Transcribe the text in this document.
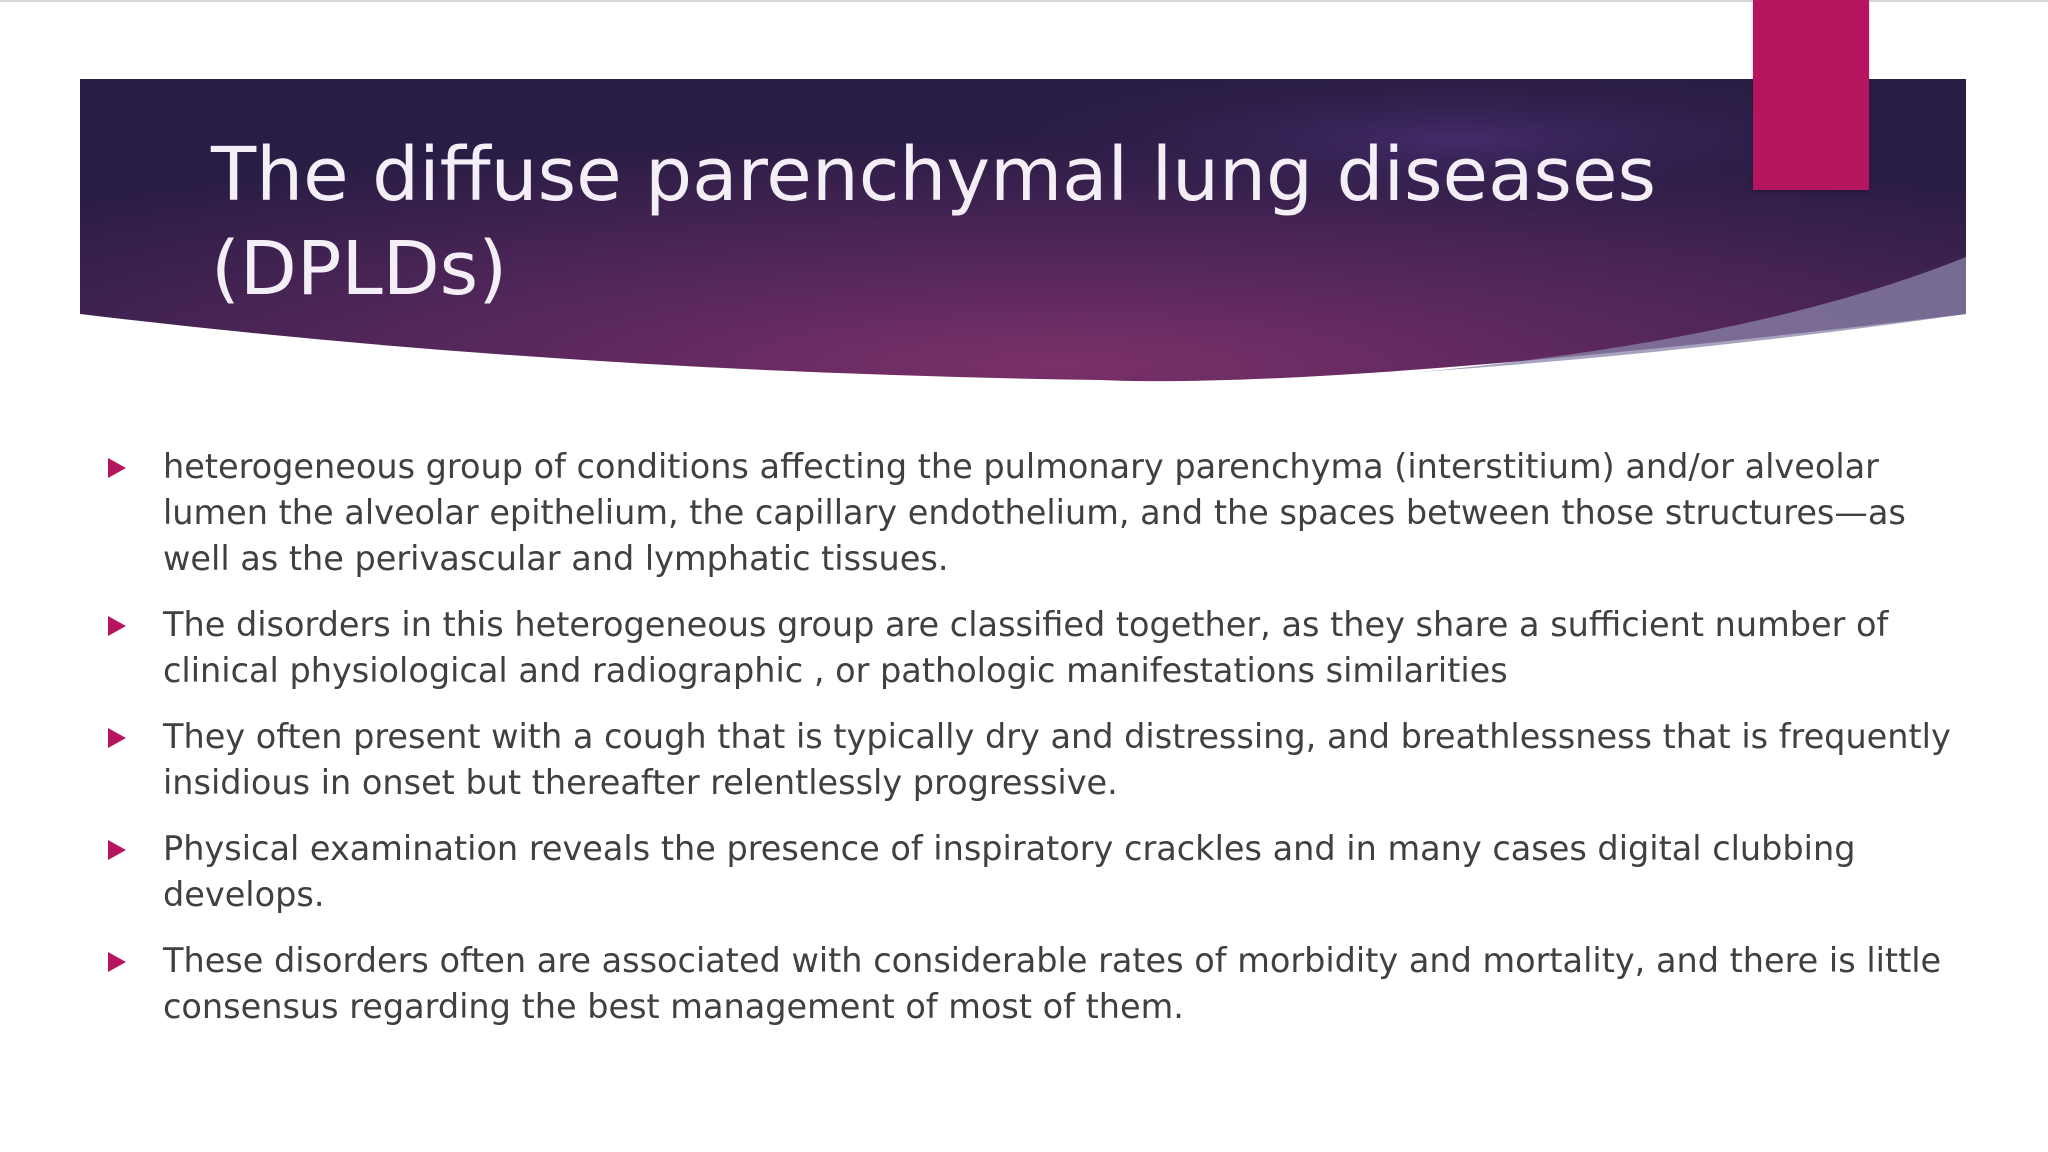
The diffuse parenchymal lung diseases (DPLDs)
heterogeneous group of conditions affecting the pulmonary parenchyma (interstitium) and/or alveolar lumen the alveolar epithelium, the capillary endothelium, and the spaces between those structures—as well as the perivascular and lymphatic tissues.
The disorders in this heterogeneous group are classified together, as they share a sufficient number of clinical physiological and radiographic , or pathologic manifestations similarities
They often present with a cough that is typically dry and distressing, and breathlessness that is frequently insidious in onset but thereafter relentlessly progressive.
Physical examination reveals the presence of inspiratory crackles and in many cases digital clubbing develops.
These disorders often are associated with considerable rates of morbidity and mortality, and there is little consensus regarding the best management of most of them.
